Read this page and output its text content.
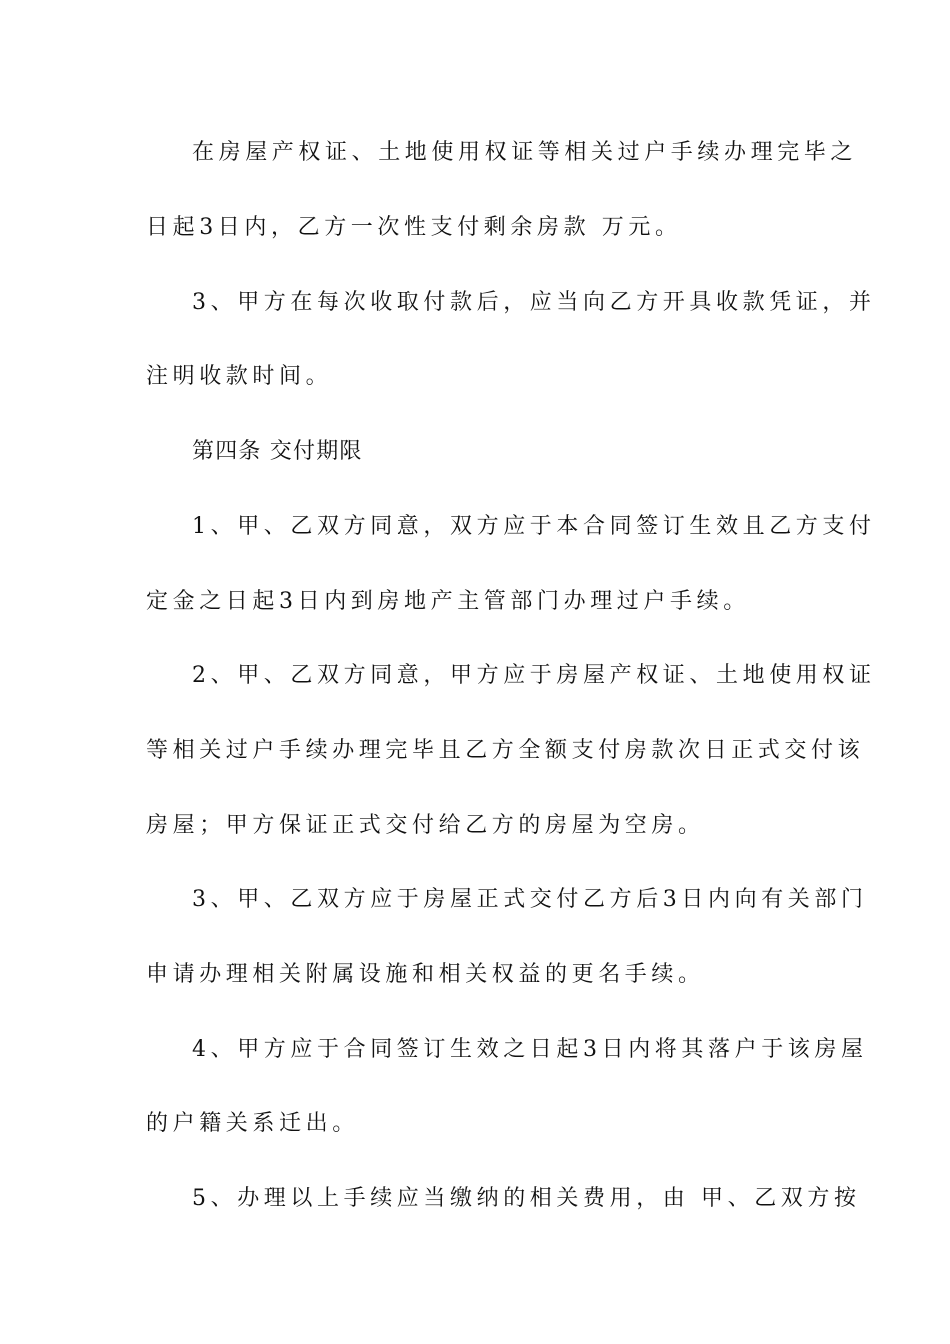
在房屋产权证、土地使用权证等相关过户手续办理完毕之
日起3日内，乙方一次性支付剩余房款 万元。
3、甲方在每次收取付款后，应当向乙方开具收款凭证，并
注明收款时间。
第四条 交付期限
1、甲、乙双方同意，双方应于本合同签订生效且乙方支付
定金之日起3日内到房地产主管部门办理过户手续。
2、甲、乙双方同意，甲方应于房屋产权证、土地使用权证
等相关过户手续办理完毕且乙方全额支付房款次日正式交付该
房屋；甲方保证正式交付给乙方的房屋为空房。
3、甲、乙双方应于房屋正式交付乙方后3日内向有关部门
申请办理相关附属设施和相关权益的更名手续。
4、甲方应于合同签订生效之日起3日内将其落户于该房屋
的户籍关系迁出。
5、办理以上手续应当缴纳的相关费用，由 甲、乙双方按
